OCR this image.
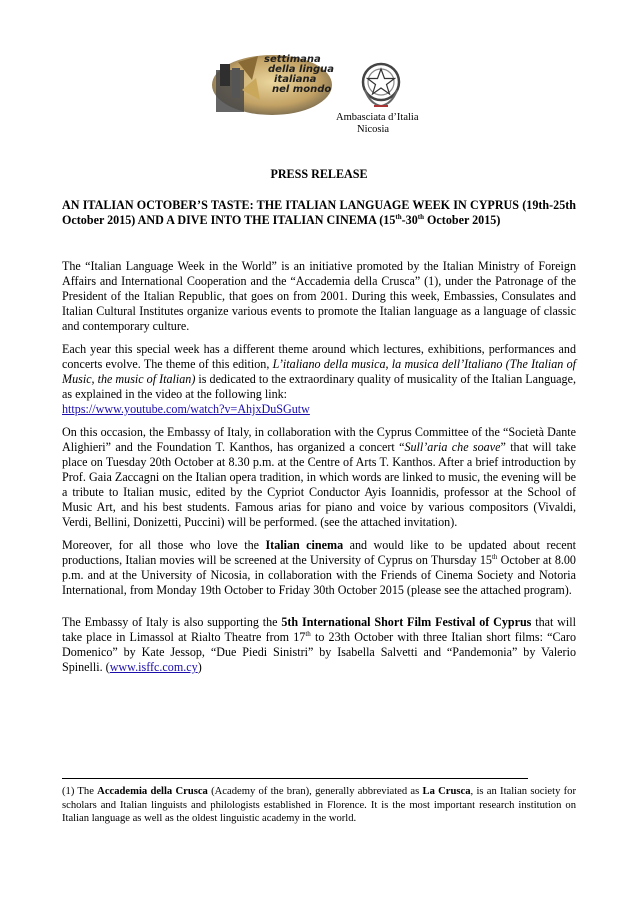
settimana
della lingua
italiana
nel mondo
Ambasciata d’Italia
Nicosia

PRESS RELEASE

AN ITALIAN OCTOBER’S TASTE: THE ITALIAN LANGUAGE WEEK IN CYPRUS (19th-25th October 2015) AND A DIVE INTO THE ITALIAN CINEMA (15th-30th October 2015)

The “Italian Language Week in the World” is an initiative promoted by the Italian Ministry of Foreign Affairs and International Cooperation and the “Accademia della Crusca” (1), under the Patronage of the President of the Italian Republic, that goes on from 2001. During this week, Embassies, Consulates and Italian Cultural Institutes organize various events to promote the Italian language as a language of classic and contemporary culture.

Each year this special week has a different theme around which lectures, exhibitions, performances and concerts evolve. The theme of this edition, L’italiano della musica, la musica dell’Italiano (The Italian of Music, the music of Italian) is dedicated to the extraordinary quality of musicality of the Italian Language, as explained in the video at the following link:
https://www.youtube.com/watch?v=AhjxDuSGutw

On this occasion, the Embassy of Italy, in collaboration with the Cyprus Committee of the “Società Dante Alighieri” and the Foundation T. Kanthos, has organized a concert “Sull’aria che soave” that will take place on Tuesday 20th October at 8.30 p.m. at the Centre of Arts T. Kanthos. After a brief introduction by Prof. Gaia Zaccagni on the Italian opera tradition, in which words are linked to music, the evening will be a tribute to Italian music, edited by the Cypriot Conductor Ayis Ioannidis, professor at the School of Music Art, and his best students. Famous arias for piano and voice by various compositors (Vivaldi, Verdi, Bellini, Donizetti, Puccini) will be performed. (see the attached invitation).

Moreover, for all those who love the Italian cinema and would like to be updated about recent productions, Italian movies will be screened at the University of Cyprus on Thursday 15th October at 8.00 p.m. and at the University of Nicosia, in collaboration with the Friends of Cinema Society and Notoria International, from Monday 19th October to Friday 30th October 2015 (please see the attached program).

The Embassy of Italy is also supporting the 5th International Short Film Festival of Cyprus that will take place in Limassol at Rialto Theatre from 17th to 23th October with three Italian short films: “Caro Domenico” by Kate Jessop, “Due Piedi Sinistri” by Isabella Salvetti and “Pandemonia” by Valerio Spinelli. (www.isffc.com.cy)

(1) The Accademia della Crusca (Academy of the bran), generally abbreviated as La Crusca, is an Italian society for scholars and Italian linguists and philologists established in Florence. It is the most important research institution on Italian language as well as the oldest linguistic academy in the world.
